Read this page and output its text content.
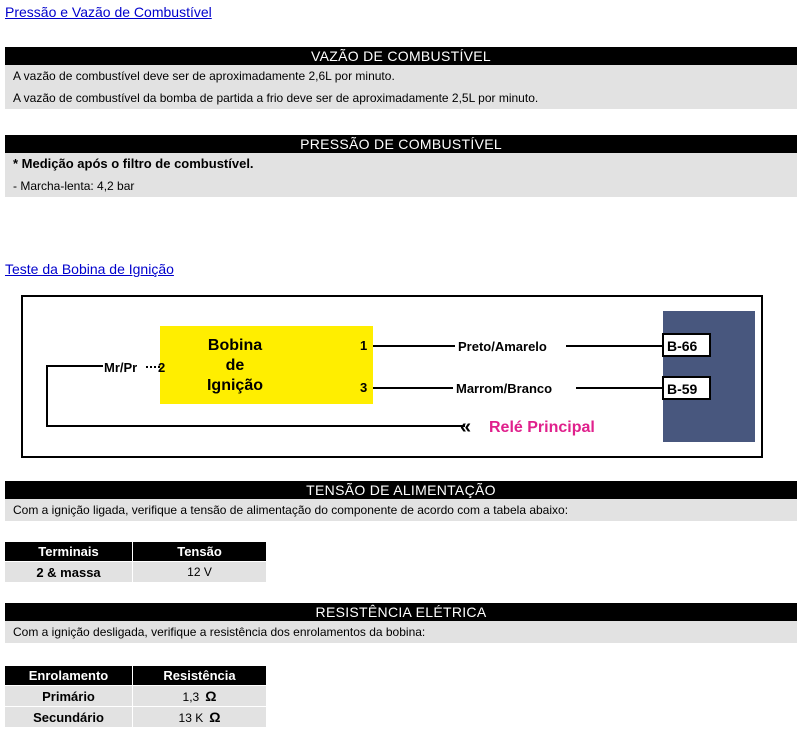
Pressão e Vazão de Combustível
VAZÃO DE COMBUSTÍVEL
A vazão de combustível deve ser de aproximadamente 2,6L por minuto.
A vazão de combustível da bomba de partida a frio deve ser de aproximadamente 2,5L por minuto.
PRESSÃO DE COMBUSTÍVEL
* Medição após o filtro de combustível.
- Marcha-lenta: 4,2 bar
Teste da Bobina de Ignição
Bobina
de
Ignição
1
2
3
Preto/Amarelo
Marrom/Branco
B-66
B-59
Mr/Pr
« Relé Principal
TENSÃO DE ALIMENTAÇÃO
Com a ignição ligada, verifique a tensão de alimentação do componente de acordo com a tabela abaixo:
Terminais	Tensão
2 & massa	12 V
RESISTÊNCIA ELÉTRICA
Com a ignição desligada, verifique a resistência dos enrolamentos da bobina:
Enrolamento	Resistência
Primário	1,3 Ω
Secundário	13 K Ω
